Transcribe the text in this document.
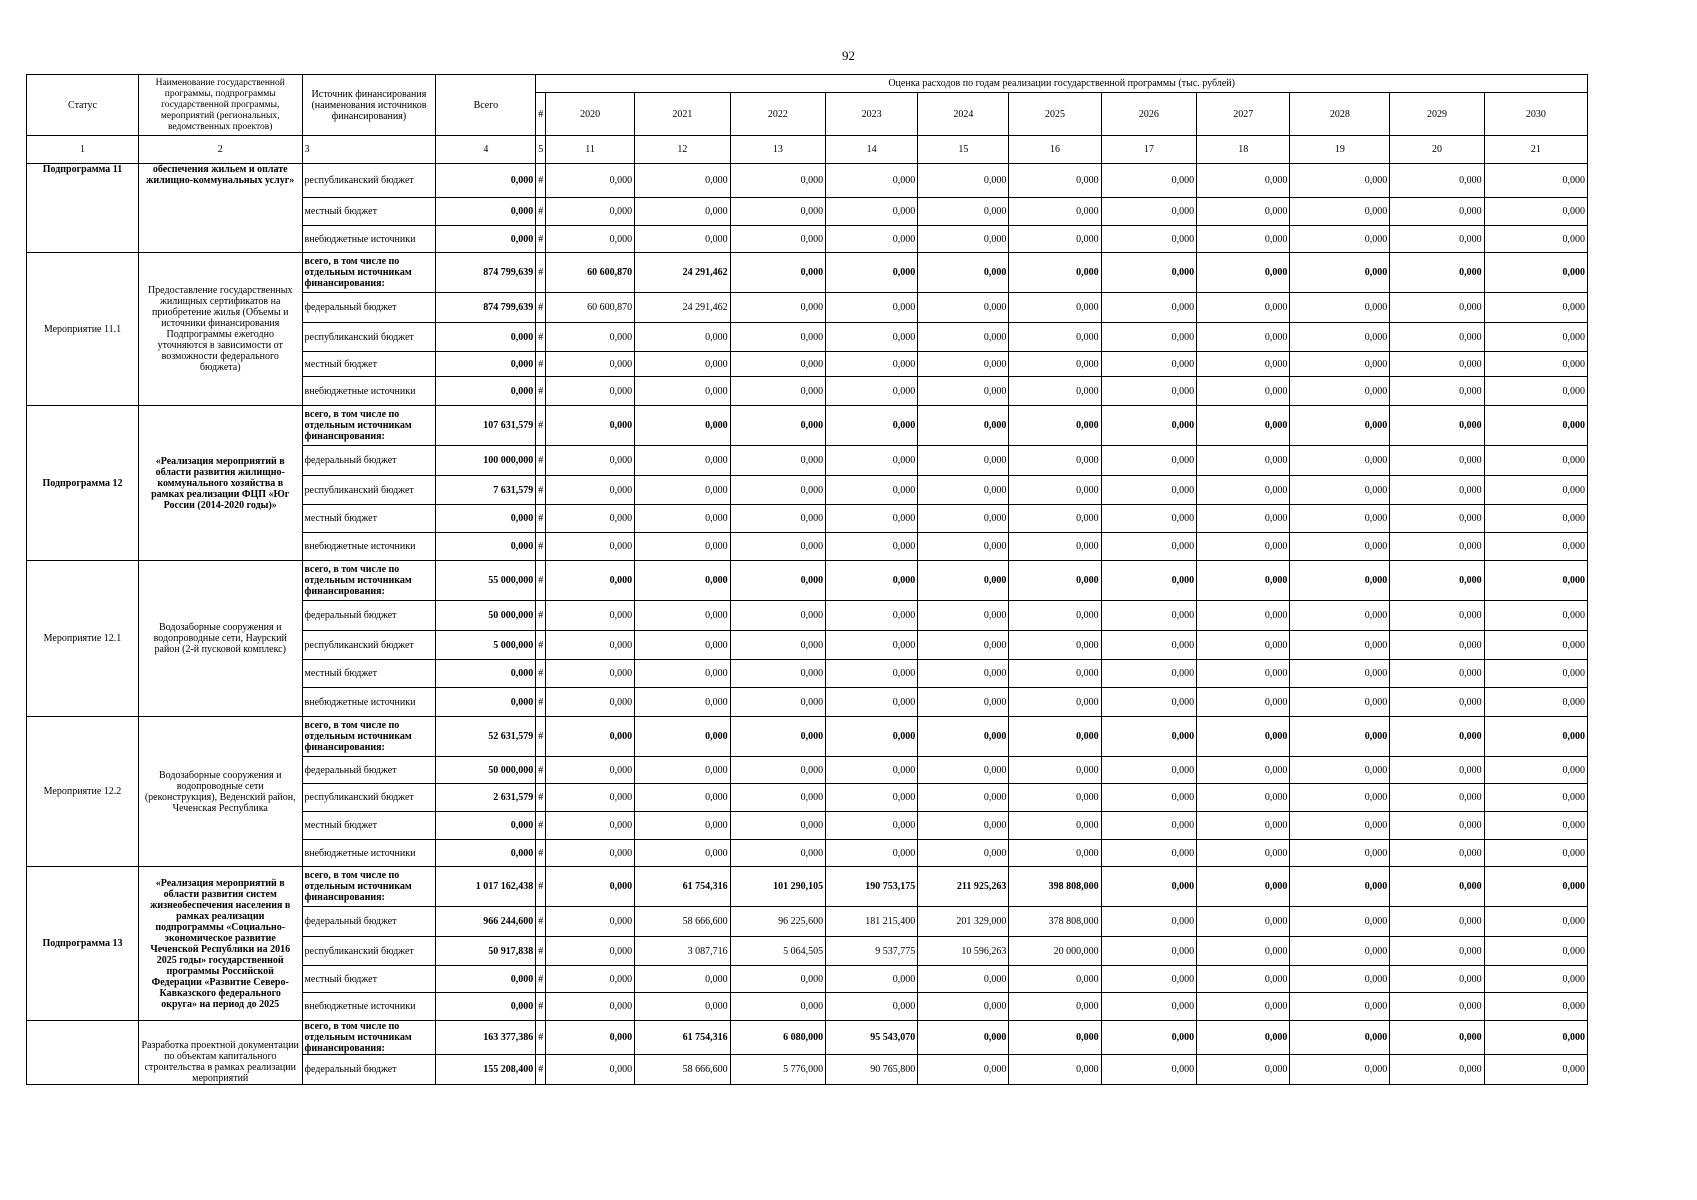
92
Статус	Наименование государственной программы, подпрограммы государственной программы, мероприятий (региональных, ведомственных проектов)	Источник финансирования (наименования источников финансирования)	Всего	Оценка расходов по годам реализации государственной программы (тыс. рублей)											
				#	2020	2021	2022	2023	2024	2025	2026	2027	2028	2029	2030
1	2	3	4	5	11	12	13	14	15	16	17	18	19	20	21
Подпрограмма 11	обеспечения жильем и оплате жилищно-коммунальных услуг»	республиканский бюджет	0,000	#	0,000	0,000	0,000	0,000	0,000	0,000	0,000	0,000	0,000	0,000	0,000
		местный бюджет	0,000	#	0,000	0,000	0,000	0,000	0,000	0,000	0,000	0,000	0,000	0,000	0,000
		внебюджетные источники	0,000	#	0,000	0,000	0,000	0,000	0,000	0,000	0,000	0,000	0,000	0,000	0,000
Мероприятие 11.1	Предоставление государственных жилищных сертификатов на приобретение жилья (Объемы и источники финансирования Подпрограммы ежегодно уточняются в зависимости от возможности федерального бюджета)	всего, в том числе по отдельным источникам финансирования:	874 799,639	#	60 600,870	24 291,462	0,000	0,000	0,000	0,000	0,000	0,000	0,000	0,000	0,000
		федеральный бюджет	874 799,639	#	60 600,870	24 291,462	0,000	0,000	0,000	0,000	0,000	0,000	0,000	0,000	0,000
		республиканский бюджет	0,000	#	0,000	0,000	0,000	0,000	0,000	0,000	0,000	0,000	0,000	0,000	0,000
		местный бюджет	0,000	#	0,000	0,000	0,000	0,000	0,000	0,000	0,000	0,000	0,000	0,000	0,000
		внебюджетные источники	0,000	#	0,000	0,000	0,000	0,000	0,000	0,000	0,000	0,000	0,000	0,000	0,000
Подпрограмма 12	«Реализация мероприятий в области развития жилищно-коммунального хозяйства в рамках реализации ФЦП «Юг России (2014-2020 годы)»	всего, в том числе по отдельным источникам финансирования:	107 631,579	#	0,000	0,000	0,000	0,000	0,000	0,000	0,000	0,000	0,000	0,000	0,000
		федеральный бюджет	100 000,000	#	0,000	0,000	0,000	0,000	0,000	0,000	0,000	0,000	0,000	0,000	0,000
		республиканский бюджет	7 631,579	#	0,000	0,000	0,000	0,000	0,000	0,000	0,000	0,000	0,000	0,000	0,000
		местный бюджет	0,000	#	0,000	0,000	0,000	0,000	0,000	0,000	0,000	0,000	0,000	0,000	0,000
		внебюджетные источники	0,000	#	0,000	0,000	0,000	0,000	0,000	0,000	0,000	0,000	0,000	0,000	0,000
Мероприятие 12.1	Водозаборные сооружения и водопроводные сети, Наурский район (2-й пусковой комплекс)	всего, в том числе по отдельным источникам финансирования:	55 000,000	#	0,000	0,000	0,000	0,000	0,000	0,000	0,000	0,000	0,000	0,000	0,000
		федеральный бюджет	50 000,000	#	0,000	0,000	0,000	0,000	0,000	0,000	0,000	0,000	0,000	0,000	0,000
		республиканский бюджет	5 000,000	#	0,000	0,000	0,000	0,000	0,000	0,000	0,000	0,000	0,000	0,000	0,000
		местный бюджет	0,000	#	0,000	0,000	0,000	0,000	0,000	0,000	0,000	0,000	0,000	0,000	0,000
		внебюджетные источники	0,000	#	0,000	0,000	0,000	0,000	0,000	0,000	0,000	0,000	0,000	0,000	0,000
Мероприятие 12.2	Водозаборные сооружения и водопроводные сети (реконструкция), Веденский район, Чеченская Республика	всего, в том числе по отдельным источникам финансирования:	52 631,579	#	0,000	0,000	0,000	0,000	0,000	0,000	0,000	0,000	0,000	0,000	0,000
		федеральный бюджет	50 000,000	#	0,000	0,000	0,000	0,000	0,000	0,000	0,000	0,000	0,000	0,000	0,000
		республиканский бюджет	2 631,579	#	0,000	0,000	0,000	0,000	0,000	0,000	0,000	0,000	0,000	0,000	0,000
		местный бюджет	0,000	#	0,000	0,000	0,000	0,000	0,000	0,000	0,000	0,000	0,000	0,000	0,000
		внебюджетные источники	0,000	#	0,000	0,000	0,000	0,000	0,000	0,000	0,000	0,000	0,000	0,000	0,000
Подпрограмма 13	«Реализация мероприятий в области развития систем жизнеобеспечения населения в рамках реализации подпрограммы «Социально-экономическое развитие Чеченской Республики на 2016 2025 годы» государственной программы Российской Федерации «Развитие Северо-Кавказского федерального округа» на период до 2025	всего, в том числе по отдельным источникам финансирования:	1 017 162,438	#	0,000	61 754,316	101 290,105	190 753,175	211 925,263	398 808,000	0,000	0,000	0,000	0,000	0,000
		федеральный бюджет	966 244,600	#	0,000	58 666,600	96 225,600	181 215,400	201 329,000	378 808,000	0,000	0,000	0,000	0,000	0,000
		республиканский бюджет	50 917,838	#	0,000	3 087,716	5 064,505	9 537,775	10 596,263	20 000,000	0,000	0,000	0,000	0,000	0,000
		местный бюджет	0,000	#	0,000	0,000	0,000	0,000	0,000	0,000	0,000	0,000	0,000	0,000	0,000
		внебюджетные источники	0,000	#	0,000	0,000	0,000	0,000	0,000	0,000	0,000	0,000	0,000	0,000	0,000
	Разработка проектной документации по объектам капитального строительства в рамках реализации мероприятий	всего, в том числе по отдельным источникам финансирования:	163 377,386	#	0,000	61 754,316	6 080,000	95 543,070	0,000	0,000	0,000	0,000	0,000	0,000	0,000
		федеральный бюджет	155 208,400	#	0,000	58 666,600	5 776,000	90 765,800	0,000	0,000	0,000	0,000	0,000	0,000	0,000
